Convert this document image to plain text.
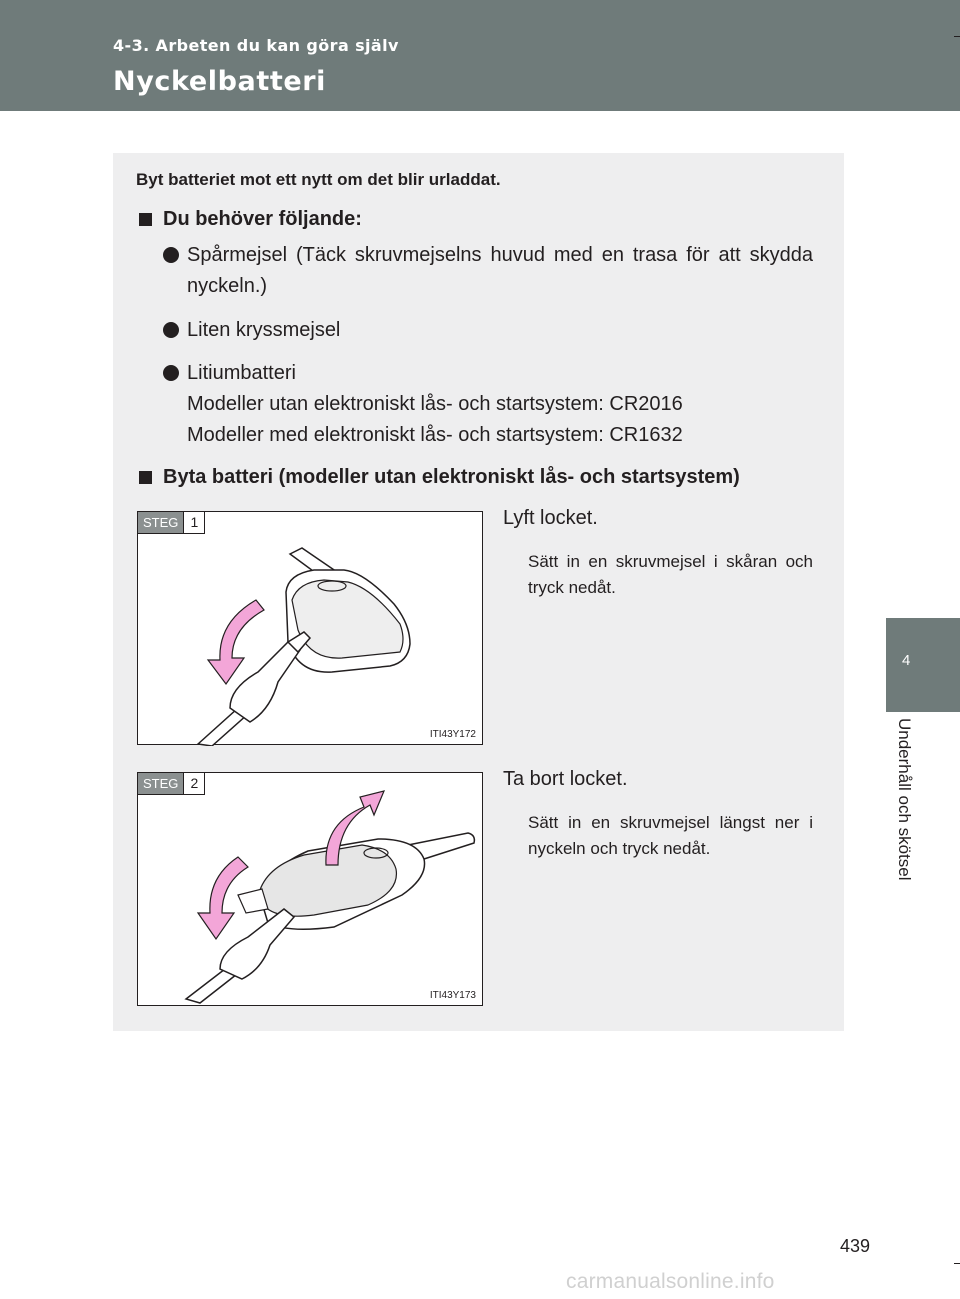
4-3. Arbeten du kan göra själv
Nyckelbatteri
4
Underhåll och skötsel
Byt batteriet mot ett nytt om det blir urladdat.
Du behöver följande:
Spårmejsel (Täck skruvmejselns huvud med en trasa för att skydda nyckeln.)
Liten kryssmejsel
Litiumbatteri
Modeller utan elektroniskt lås- och startsystem: CR2016
Modeller med elektroniskt lås- och startsystem: CR1632
Byta batteri (modeller utan elektroniskt lås- och startsystem)
STEG 1
ITI43Y172
Lyft locket.
Sätt in en skruvmejsel i skåran och tryck nedåt.
STEG 2
ITI43Y173
Ta bort locket.
Sätt in en skruvmejsel längst ner i nyckeln och tryck nedåt.
439
carmanualsonline.info
